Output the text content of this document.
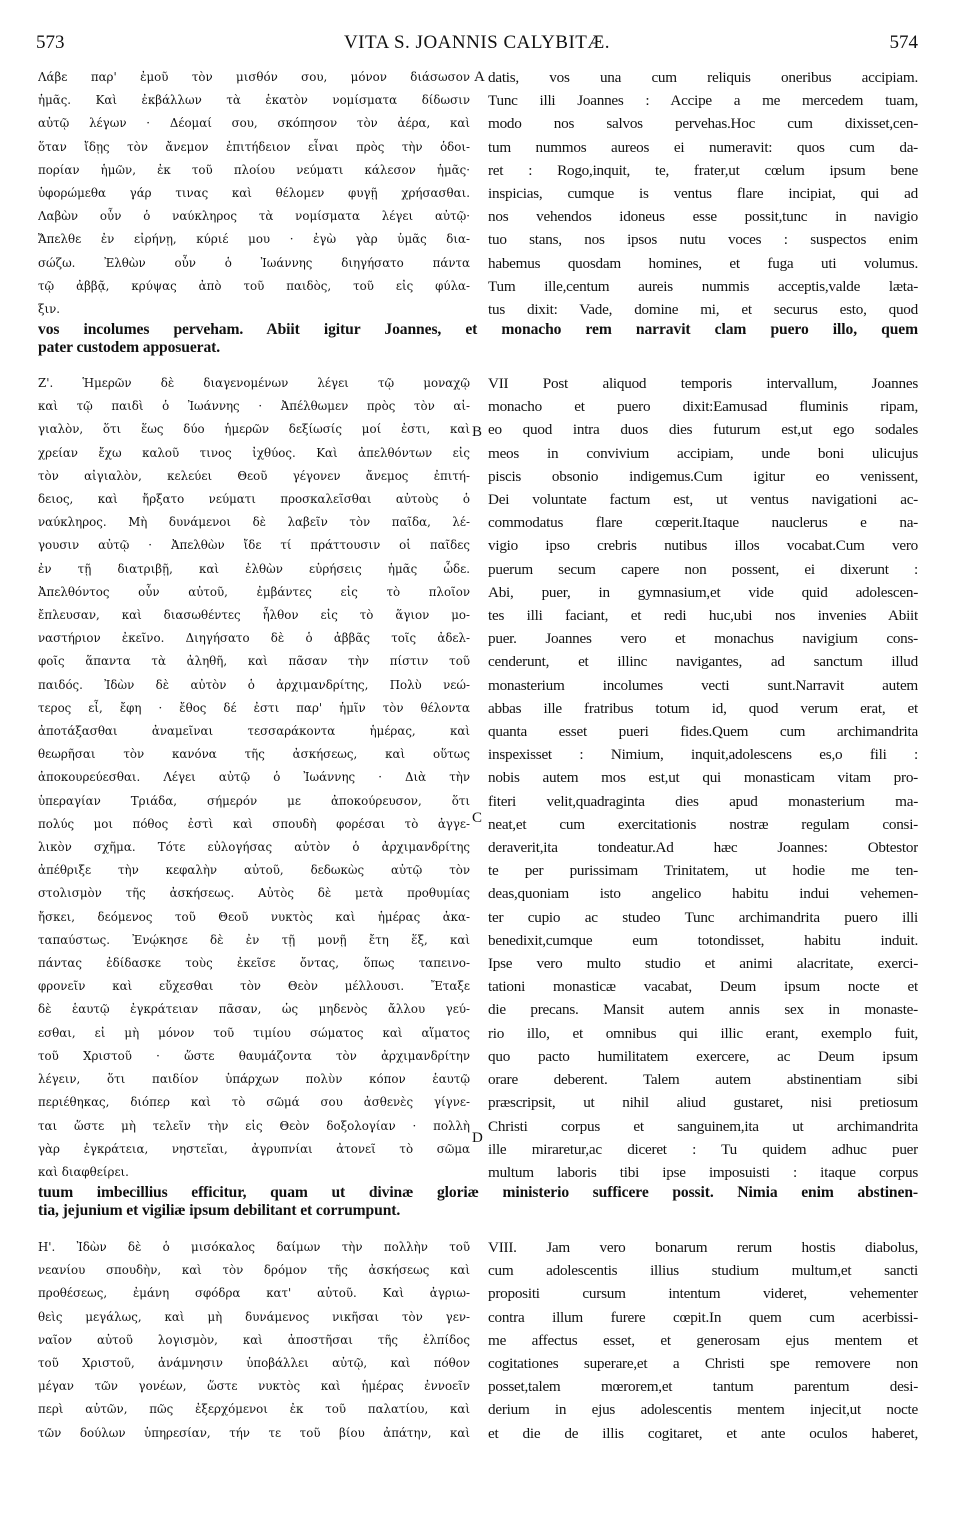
573	VITA S. JOANNIS CALYBITÆ.	574
Λάβε παρ' ἐμοῦ τὸν μισθόν σου, μόνον διάσωσον
ἡμᾶς. Καὶ ἐκβάλλων τὰ ἑκατὸν νομίσματα δίδωσιν
αὐτῷ λέγων · Δέομαί σου, σκόπησον τὸν ἀέρα, καὶ
ὅταν ἴδῃς τὸν ἄνεμον ἐπιτήδειον εἶναι πρὸς τὴν ὁδοι-
πορίαν ἡμῶν, ἐκ τοῦ πλοίου νεύματι κάλεσον ἡμᾶς·
ὑφορώμεθα γάρ τινας καὶ θέλομεν φυγῇ χρήσασθαι.
Λαβὼν οὖν ὁ ναύκληρος τὰ νομίσματα λέγει αὐτῷ·
Ἄπελθε ἐν εἰρήνῃ, κύριέ μου · ἐγὼ γὰρ ὑμᾶς δια-
σώζω. Ἐλθὼν οὖν ὁ Ἰωάννης διηγήσατο πάντα
τῷ ἀββᾷ, κρύψας ἀπὸ τοῦ παιδὸς, τοῦ εἰς φύλα-
ξιν.
datis, vos una cum reliquis oneribus accipiam.
Tunc illi Joannes : Accipe a me mercedem tuam,
modo nos salvos pervehas.Hoc cum dixisset,cen-
tum nummos aureos ei numeravit: quos cum da-
ret : Rogo,inquit, te, frater,ut cœlum ipsum bene
inspicias, cumque is ventus flare incipiat, qui ad
nos vehendos idoneus esse possit,tunc in navigio
tuo stans, nos ipsos nutu voces : suspectos enim
habemus quosdam homines, et fuga uti volumus.
Tum ille,centum aureis nummis acceptis,valde læta-
tus dixit: Vade, domine mi, et securus esto, quod
vos incolumes perveham. Abiit igitur Joannes, et monacho rem narravit clam puero illo, quem
pater custodem apposuerat.
Ζ'. Ἡμερῶν δὲ διαγενομένων λέγει τῷ μοναχῷ
καὶ τῷ παιδὶ ὁ Ἰωάννης · Ἀπέλθωμεν πρὸς τὸν αἰ-
γιαλὸν, ὅτι ἕως δύο ἡμερῶν δεξίωσίς μοί ἐστι, καὶ
χρείαν ἔχω καλοῦ τινος ἰχθύος. Καὶ ἀπελθόντων εἰς
τὸν αἰγιαλὸν, κελεύει Θεοῦ γέγονεν ἄνεμος ἐπιτή-
δειος, καὶ ἤρξατο νεύματι προσκαλεῖσθαι αὐτοὺς ὁ
ναύκληρος. Μὴ δυνάμενοι δὲ λαβεῖν τὸν παῖδα, λέ-
γουσιν αὐτῷ · Ἀπελθὼν ἴδε τί πράττουσιν οἱ παῖδες
ἐν τῇ διατριβῇ, καὶ ἐλθὼν εὑρήσεις ἡμᾶς ὧδε.
Ἀπελθόντος οὖν αὐτοῦ, ἐμβάντες εἰς τὸ πλοῖον
ἔπλευσαν, καὶ διασωθέντες ἦλθον εἰς τὸ ἅγιον μο-
ναστήριον ἐκεῖνο. Διηγήσατο δὲ ὁ ἀββᾶς τοῖς ἀδελ-
φοῖς ἅπαντα τὰ ἀληθῆ, καὶ πᾶσαν τὴν πίστιν τοῦ
παιδός. Ἰδὼν δὲ αὐτὸν ὁ ἀρχιμανδρίτης, Πολὺ νεώ-
τερος εἶ, ἔφη · ἔθος δέ ἐστι παρ' ἡμῖν τὸν θέλοντα
ἀποτάξασθαι ἀναμεῖναι τεσσαράκοντα ἡμέρας, καὶ
θεωρῆσαι τὸν κανόνα τῆς ἀσκήσεως, καὶ οὕτως
ἀποκουρεύεσθαι. Λέγει αὐτῷ ὁ Ἰωάννης · Διὰ τὴν
ὑπεραγίαν Τριάδα, σήμερόν με ἀποκούρευσον, ὅτι
πολύς μοι πόθος ἐστὶ καὶ σπουδὴ φορέσαι τὸ ἀγγε-
λικὸν σχῆμα. Τότε εὐλογήσας αὐτὸν ὁ ἀρχιμανδρίτης
ἀπέθριξε τὴν κεφαλὴν αὐτοῦ, δεδωκὼς αὐτῷ τὸν
στολισμὸν τῆς ἀσκήσεως. Αὐτὸς δὲ μετὰ προθυμίας
ἤσκει, δεόμενος τοῦ Θεοῦ νυκτὸς καὶ ἡμέρας ἀκα-
ταπαύστως. Ἐνῴκησε δὲ ἐν τῇ μονῇ ἔτη ἕξ, καὶ
πάντας ἐδίδασκε τοὺς ἐκεῖσε ὄντας, ὅπως ταπεινο-
φρονεῖν καὶ εὔχεσθαι τὸν Θεὸν μέλλουσι. Ἔταξε
δὲ ἑαυτῷ ἐγκράτειαν πᾶσαν, ὡς μηδενὸς ἄλλου γεύ-
εσθαι, εἰ μὴ μόνον τοῦ τιμίου σώματος καὶ αἵματος
τοῦ Χριστοῦ · ὥστε θαυμάζοντα τὸν ἀρχιμανδρίτην
λέγειν, ὅτι παιδίον ὑπάρχων πολὺν κόπον ἑαυτῷ
περιέθηκας, διόπερ καὶ τὸ σῶμά σου ἀσθενὲς γίγνε-
ται ὥστε μὴ τελεῖν τὴν εἰς Θεὸν δοξολογίαν · πολλὴ
γὰρ ἐγκράτεια, νηστεῖαι, ἀγρυπνίαι ἀτονεῖ τὸ σῶμα
καὶ διαφθείρει.
VII Post aliquod temporis intervallum, Joannes
monacho et puero dixit:Eamusad fluminis ripam,
eo quod intra duos dies futurum est,ut ego sodales
meos in convivium accipiam, unde boni ulicujus
piscis obsonio indigemus.Cum igitur eo venissent,
Dei voluntate factum est, ut ventus navigationi ac-
commodatus flare cœperit.Itaque nauclerus e na-
vigio ipso crebris nutibus illos vocabat.Cum vero
puerum secum capere non possent, ei dixerunt :
Abi, puer, in gymnasium,et vide quid adolescen-
tes illi faciant, et redi huc,ubi nos invenies Abiit
puer. Joannes vero et monachus navigium cons-
cenderunt, et illinc navigantes, ad sanctum illud
monasterium incolumes vecti sunt.Narravit autem
abbas ille fratribus totum id, quod verum erat, et
quanta esset pueri fides.Quem cum archimandrita
inspexisset : Nimium, inquit,adolescens es,o fili :
nobis autem mos est,ut qui monasticam vitam pro-
fiteri velit,quadraginta dies apud monasterium ma-
neat,et cum exercitationis nostræ regulam consi-
deraverit,ita tondeatur.Ad hæc Joannes: Obtestor
te per purissimam Trinitatem, ut hodie me ten-
deas,quoniam isto angelico habitu indui vehemen-
ter cupio ac studeo Tunc archimandrita puero illi
benedixit,cumque eum totondisset, habitu induit.
Ipse vero multo studio et animi alacritate, exerci-
tationi monasticæ vacabat, Deum ipsum nocte et
die precans. Mansit autem annis sex in monaste-
rio illo, et omnibus qui illic erant, exemplo fuit,
quo pacto humilitatem exercere, ac Deum ipsum
orare deberent. Talem autem abstinentiam sibi
præscripsit, ut nihil aliud gustaret, nisi pretiosum
Christi corpus et sanguinem,ita ut archimandrita
ille miraretur,ac diceret : Tu quidem adhuc puer
multum laboris tibi ipse imposuisti : itaque corpus
tuum imbecillius efficitur, quam ut divinæ gloriæ ministerio sufficere possit. Nimia enim abstinen-
tia, jejunium et vigiliæ ipsum debilitant et corrumpunt.
Η'. Ἰδὼν δὲ ὁ μισόκαλος δαίμων τὴν πολλὴν τοῦ
νεανίου σπουδὴν, καὶ τὸν δρόμον τῆς ἀσκήσεως καὶ
προθέσεως, ἐμάνη σφόδρα κατ' αὐτοῦ. Καὶ ἀγριω-
θεὶς μεγάλως, καὶ μὴ δυνάμενος νικῆσαι τὸν γεν-
ναῖον αὐτοῦ λογισμὸν, καὶ ἀποστῆσαι τῆς ἐλπίδος
τοῦ Χριστοῦ, ἀνάμνησιν ὑποβάλλει αὐτῷ, καὶ πόθον
μέγαν τῶν γονέων, ὥστε νυκτὸς καὶ ἡμέρας ἐννοεῖν
περὶ αὐτῶν, πῶς ἐξερχόμενοι ἐκ τοῦ παλατίου, καὶ
τῶν δούλων ὑπηρεσίαν, τήν τε τοῦ βίου ἀπάτην, καὶ
VIII. Jam vero bonarum rerum hostis diabolus,
cum adolescentis illius studium multum,et sancti
propositi cursum intentum videret, vehementer
contra illum furere cœpit.In quem cum acerbissi-
me affectus esset, et generosam ejus mentem et
cogitationes superare,et a Christi spe removere non
posset,talem mœrorem,et tantum parentum desi-
derium in ejus adolescentis mentem injecit,ut nocte
et die de illis cogitaret, et ante oculos haberet,
A
B
C
D
